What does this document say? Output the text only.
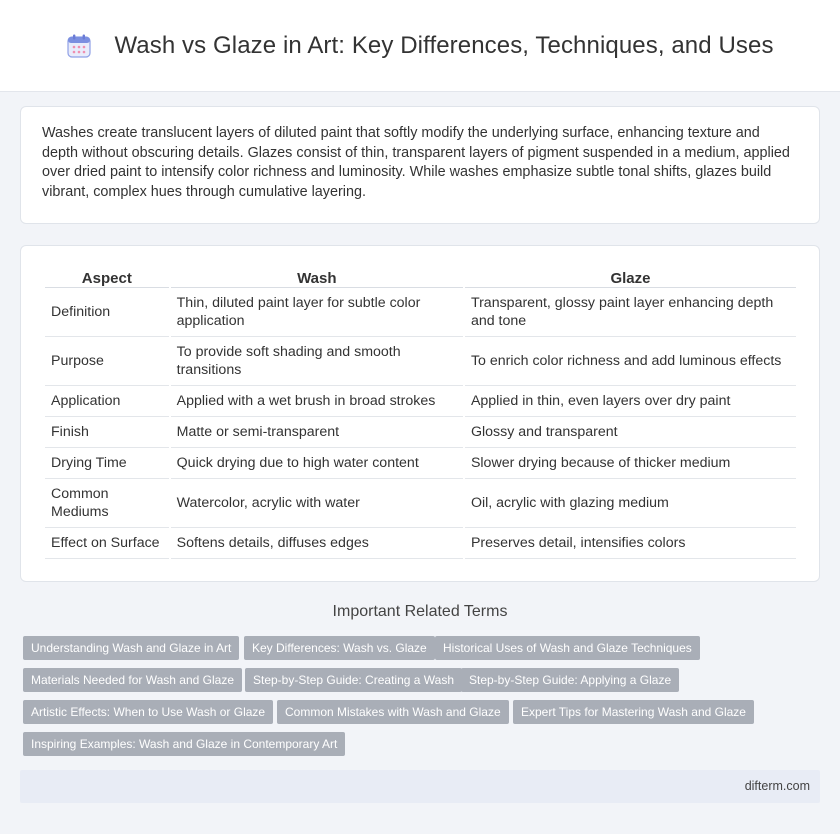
Wash vs Glaze in Art: Key Differences, Techniques, and Uses

Washes create translucent layers of diluted paint that softly modify the underlying surface, enhancing texture and depth without obscuring details. Glazes consist of thin, transparent layers of pigment suspended in a medium, applied over dried paint to intensify color richness and luminosity. While washes emphasize subtle tonal shifts, glazes build vibrant, complex hues through cumulative layering.

Aspect	Wash	Glaze
Definition	Thin, diluted paint layer for subtle color application	Transparent, glossy paint layer enhancing depth and tone
Purpose	To provide soft shading and smooth transitions	To enrich color richness and add luminous effects
Application	Applied with a wet brush in broad strokes	Applied in thin, even layers over dry paint
Finish	Matte or semi-transparent	Glossy and transparent
Drying Time	Quick drying due to high water content	Slower drying because of thicker medium
Common Mediums	Watercolor, acrylic with water	Oil, acrylic with glazing medium
Effect on Surface	Softens details, diffuses edges	Preserves detail, intensifies colors
Important Related Terms
Understanding Wash and Glaze in Art	Key Differences: Wash vs. Glaze	Historical Uses of Wash and Glaze Techniques
Materials Needed for Wash and Glaze	Step-by-Step Guide: Creating a Wash	Step-by-Step Guide: Applying a Glaze
Artistic Effects: When to Use Wash or Glaze	Common Mistakes with Wash and Glaze	Expert Tips for Mastering Wash and Glaze
Inspiring Examples: Wash and Glaze in Contemporary Art
difterm.com
